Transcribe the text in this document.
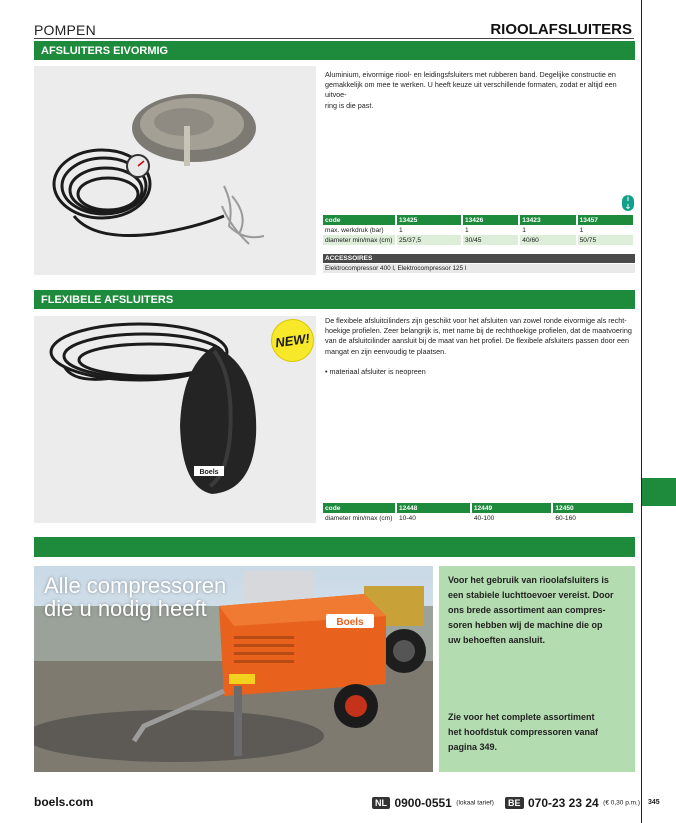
POMPEN	RIOOLAFSLUITERS
AFSLUITERS EIVORMIG
Aluminium, eivormige riool- en leidingsfsluiters met rubberen band. Degelijke constructie en
gemakkelijk om mee te werken. U heeft keuze uit verschillende formaten, zodat er altijd een uitvoe-
ring is die past.
i
ↆ
code	13425	13426	13423	13457
max. werkdruk (bar)	1	1	1	1
diameter min/max (cm)	25/37,5	30/45	40/60	50/75
ACCESSOIRES
Elektrocompressor 400 l, Elektrocompressor 125 l
FLEXIBELE AFSLUITERS
Boels
NEW!
De flexibele afsluitcilinders zijn geschikt voor het afsluiten van zowel ronde eivormige als recht-
hoekige profielen. Zeer belangrijk is, met name bij de rechthoekige profielen, dat de maatvoering
van de afsluitcilinder aansluit bij de maat van het profiel. De flexibele afsluiters passen door een
mangat en zijn eenvoudig te plaatsen.
• materiaal afsluiter is neopreen
code	12448	12449	12450
diameter min/max (cm)	10-40	40-100	60-160
Boels
Alle compressoren
die u nodig heeft
Voor het gebruik van rioolafsluiters is
een stabiele luchttoevoer vereist. Door
ons brede assortiment aan compres-
soren hebben wij de machine die op
uw behoeften aansluit.
Zie voor het complete assortiment
het hoofdstuk compressoren vanaf
pagina 349.
boels.com	NL 0900-0551 (lokaal tarief)	BE 070-23 23 24 (€ 0,30 p.m.) 345
